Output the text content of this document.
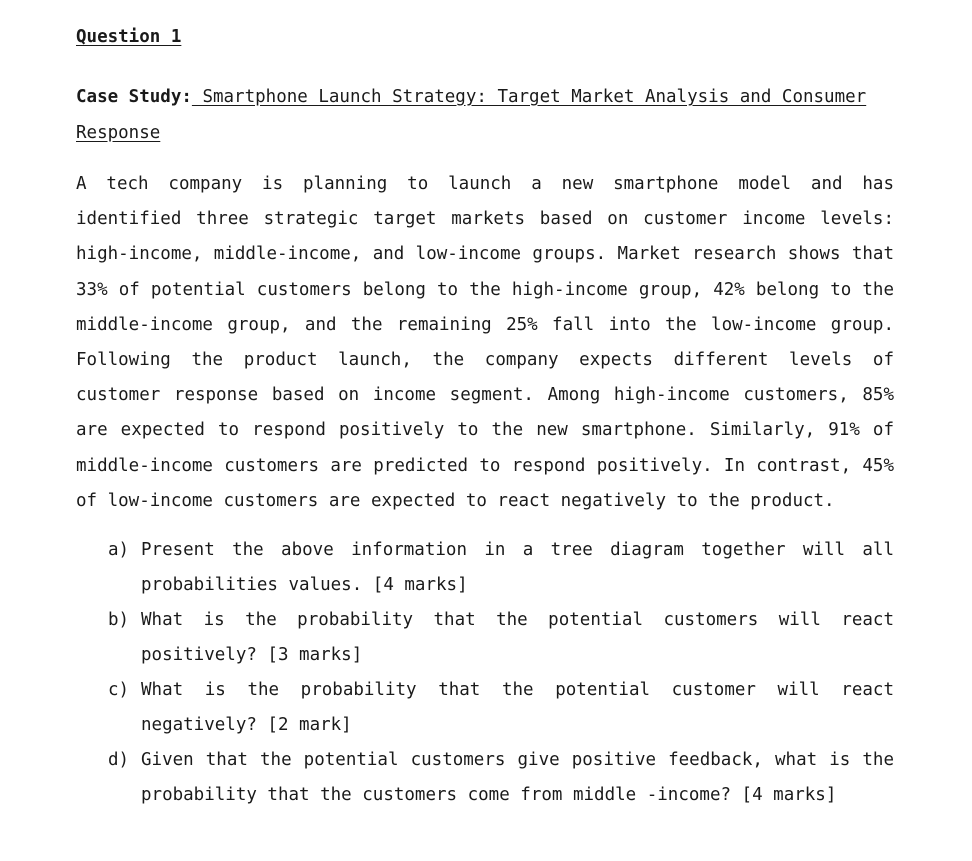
Question 1
Case Study: Smartphone Launch Strategy: Target Market Analysis and Consumer Response

A tech company is planning to launch a new smartphone model and has identified three strategic target markets based on customer income levels: high-income, middle-income, and low-income groups. Market research shows that 33% of potential customers belong to the high-income group, 42% belong to the middle-income group, and the remaining 25% fall into the low-income group. Following the product launch, the company expects different levels of customer response based on income segment. Among high-income customers, 85% are expected to respond positively to the new smartphone. Similarly, 91% of middle-income customers are predicted to respond positively. In contrast, 45% of low-income customers are expected to react negatively to the product.

a) Present the above information in a tree diagram together will all probabilities values. [4 marks]
b) What is the probability that the potential customers will react positively? [3 marks]
c) What is the probability that the potential customer will react negatively? [2 mark]
d) Given that the potential customers give positive feedback, what is the probability that the customers come from middle -income? [4 marks]
